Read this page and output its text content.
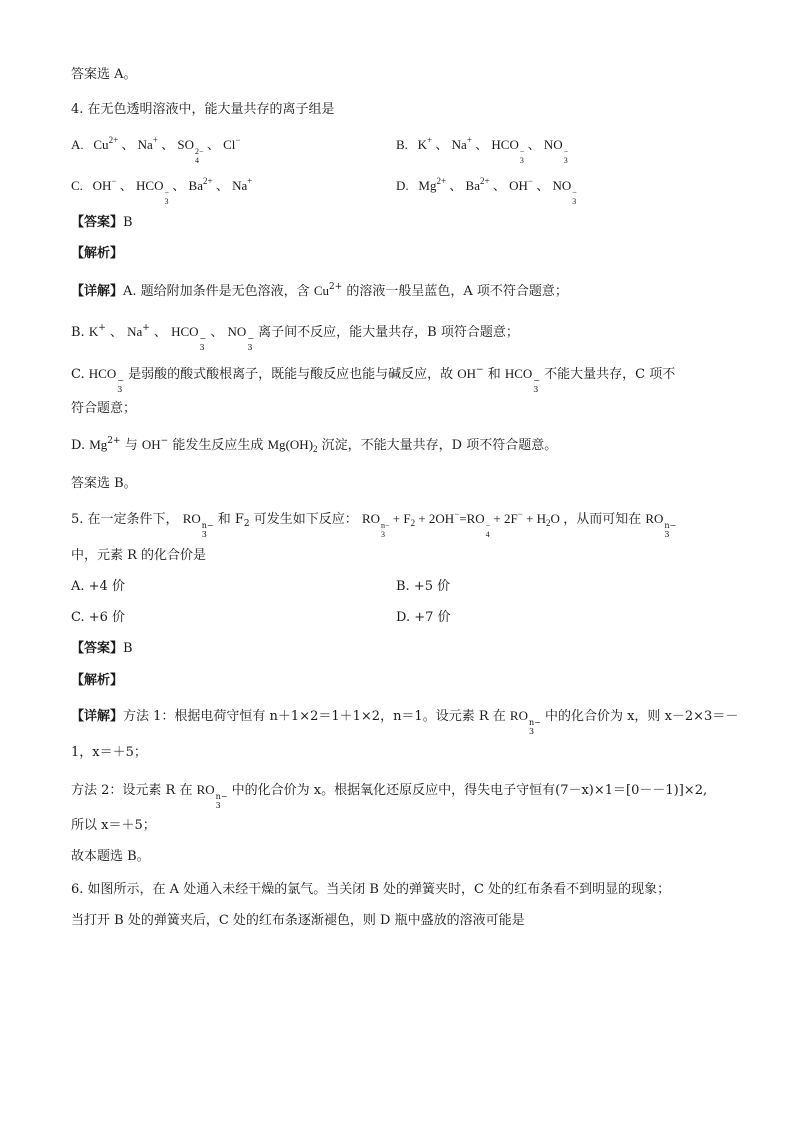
答案选 A。
4. 在无色透明溶液中，能大量共存的离子组是
A. $Cu^{2+}$ 、 Na+ 、 SO 2−
4
、 Cl−	B. K+ 、 Na+ 、 HCO −
3
、 NO −
3
C. OH− 、 HCO −
3
、 $Ba^{2+}$ 、 Na+	D. $Mg^{2+}$ 、 $Ba^{2+}$ 、 OH− 、 NO −
3
【答案】B
【解析】
【详解】A. 题给附加条件是无色溶液，含 $Cu^{2+}$ 的溶液一般呈蓝色，A 项不符合题意；
B. K+ 、 Na+ 、 HCO −
3
、 NO −
3
离子间不反应，能大量共存，B 项符合题意；
C. HCO −
3
是弱酸的酸式酸根离子，既能与酸反应也能与碱反应，故 OH− 和 HCO −
3
不能大量共存，C 项不
符合题意；
D. $Mg^{2+}$ 与 OH− 能发生反应生成 $Mg(OH)_2$ 沉淀，不能大量共存，D 项不符合题意。
答案选 B。
5. 在一定条件下， RO n−
3
和 $F_2$ 可发生如下反应： RO n−
3
+ $F_2 + 2OH^-=RO$ −
4
+ $2F^- + H_2O$ ，从而可知在 RO n−
3
中，元素 R 的化合价是
A. +4 价	B. +5 价
C. +6 价	D. +7 价
【答案】B
【解析】
【详解】方法 1：根据电荷守恒有 n＋1×2＝1＋1×2，n＝1。设元素 R 在 RO n−
3
中的化合价为 x，则 x－2×3＝－
1，x＝＋5；
方法 2：设元素 R 在 RO n−
3
中的化合价为 x。根据氧化还原反应中，得失电子守恒有(7－x)×1＝[0－－1)]×2,
所以 x＝＋5；
故本题选 B。
6. 如图所示，在 A 处通入未经干燥的氯气。当关闭 B 处的弹簧夹时，C 处的红布条看不到明显的现象；
当打开 B 处的弹簧夹后，C 处的红布条逐渐褪色，则 D 瓶中盛放的溶液可能是
